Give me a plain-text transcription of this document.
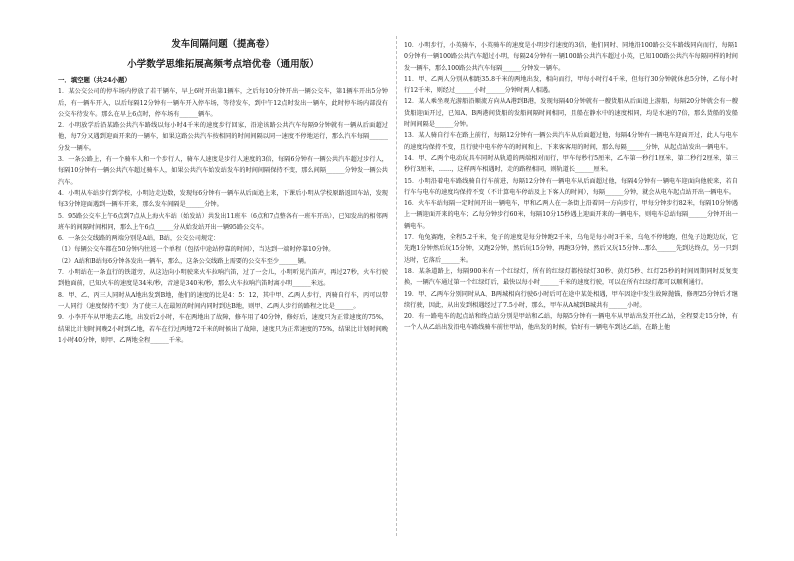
发车间隔问题（提高卷）
小学数学思维拓展高频考点培优卷（通用版）
一．填空题（共24小题）

1．某公交公司的停车场内停放了若干辆车，早上6时开出第1辆车，之后每10分钟开出一辆公交车，第1辆车开出5分钟后，有一辆车开入，以后每隔12分钟有一辆车开入停车场，等待发车，到中午12点时发出一辆车，此时停车场内部没有公交车待发车。那么在早上6点时，停车场有______辆车。

2．小明放学后沿某路公共汽车路线以每小时4千米的速度步行回家，沿途该路公共汽车每隔9分钟就有一辆从后面超过他，每7分又遇到迎面开来的一辆车，如果这路公共汽车按相同的时间间隔以同一速度不停地运行，那么汽车每隔______分发一辆车。

3．一条公路上，有一个骑车人和一个步行人，骑车人速度是步行人速度的3倍，每隔6分钟有一辆公共汽车超过步行人，每隔10分钟有一辆公共汽车超过骑车人，如果公共汽车始发站发车的时间间隔保持不变，那么间隔______分钟发一辆公共汽车。

4．小明从车站步行到学校，小明边走边数，发现每6分钟有一辆车从后面追上来，下课后小明从学校原路返回车站，发现每3分钟迎面遇到一辆车开来，那么发车间隔是______分钟。

5．95路公交车上午6点到7点从上海火车站（始发站）共发出11班车（6点和7点整各有一班车开出），已知发出的相邻两班车的间隔时间相同，那么上午6点______分从始发站开出一辆95路公交车。

6．一条公交线路的两端分别是A站，B站，公交公司规定：

（1）每辆公交车都在50分钟内往返一个单程（包括中途站停靠的时间），当达到一端时停靠10分钟。

（2）A站和B站每6分钟各发出一辆车，那么，这条公交线路上需要的公交车至少______辆。

7．小明站在一条直行的铁道旁，从这边向小明驶来火车拉响汽笛，过了一会儿，小明听见汽笛声，再过27秒，火车行驶到他面前，已知火车的速度是34米/秒，音速是340米/秒，那么火车拉响汽笛时离小明______米远。

8．甲、乙、丙三人同时从A地出发到B地，他们的速度的比是4：5：12，其中甲、乙两人步行，丙骑自行车，丙可以带一人同行（速度保持不变）为了使三人在最短的时间内同时到达B地，则甲、乙两人步行的路程之比是______。

9．小李开车从甲地去乙地，出发后2小时，车在两地出了故障，修车用了40分钟，修好后，速度只为正常速度的75%，结果比计划时间晚2小时到乙地，若车在行过两地72千米的时候出了故障，速度只为正常速度的75%，结果比计划时间晚1小时40分钟，则甲、乙两地全程______千米。

10．小明步行，小英骑车，小英骑车的速度是小明步行速度的3倍，他们同时、同地沿100路公交车路线同向而行，每隔10分钟有一辆100路公共汽车超过小明，每隔24分钟有一辆100路公共汽车超过小英，已知100路公共汽车每隔同样的时间发一辆车，那么100路公共汽车每隔______分钟发一辆车。

11．甲、乙两人分别从相距35.8千米的两地出发，相向而行，甲每小时行4千米，但每行30分钟就休息5分钟，乙每小时行12千米，则经过______小时______分钟时两人相遇。

12．某人乘坐观光游船沿顺流方向从A港到B港，发现每隔40分钟就有一艘货船从后面追上游船，每隔20分钟就会有一艘货船迎面开过，已知A、B两港间货船的发船间隔时间相同，且船在静水中的速度相同，均是水速的7倍，那么货船的发船时间间隔是______分钟。

13．某人骑自行车在路上前行，每隔12分钟有一辆公共汽车从后面超过他，每隔4分钟有一辆电车迎面开过，此人与电车的速度均保持不变，且行驶中电车停车的时间和上、下来客客用的时间，那么每隔______分钟，从起点站发出一辆电车。

14．甲、乙两个电动玩具车同时从轨道的两端相对而行，甲车每秒行5厘米，乙车第一秒行1厘米，第二秒行2厘米，第三秒行3厘米，……，这样两车相遇时，走的路程相同，则轨道长______厘米。

15．小明沿着电车路线骑自行车前进，每隔12分钟有一辆电车从后面超过他，每隔4分钟有一辆电车迎面向他驶来，若自行车与电车的速度均保持不变（不计算电车停站及上下客人的时间），每隔______分钟，就会从电车起点站开出一辆电车。

16．火车车站每隔一定时间开出一辆电车，甲和乙两人在一条街上沿着同一方向步行，甲每分钟步行82米，每隔10分钟遇上一辆迎面开来的电车；乙每分钟步行60米，每隔10分15秒遇上迎面开来的一辆电车，则电车总站每隔______分钟开出一辆电车。

17．龟兔赛跑，全程5.2千米，兔子的速度是每分钟跑2千米，乌龟是每小时3千米，乌龟不停地跑，但兔子边跑边玩，它先跑1分钟然后玩15分钟，又跑2分钟，然后玩15分钟，再跑3分钟，然后又玩15分钟…那么______先到达终点，另一只到达时，它落后______米。

18．某条道路上，每隔900米有一个红绿灯，所有的红绿灯都按绿灯30秒、黄灯5秒、红灯25秒的时间周期同时反复变换，一辆汽车通过第一个红绿灯后，最快以每小时______千米的速度行驶，可以在所有红绿灯都可以顺利通行。

19．甲、乙两车分别同时从A、B两城相向行驶6小时后可在途中某处相遇，甲车因途中发生故障抛锚，修理25分钟后才继续行驶，因此，从出发到相遇经过了7.5小时，那么，甲车从A城到B城共有______小时。

20．有一路电车的起点站和终点站分别是甲站和乙站，每隔5分钟有一辆电车从甲站出发开往乙站，全程要走15分钟，有一个人从乙站出发沿电车路线骑车前往甲站，他出发的时候，恰好有一辆电车到达乙站，在路上他
